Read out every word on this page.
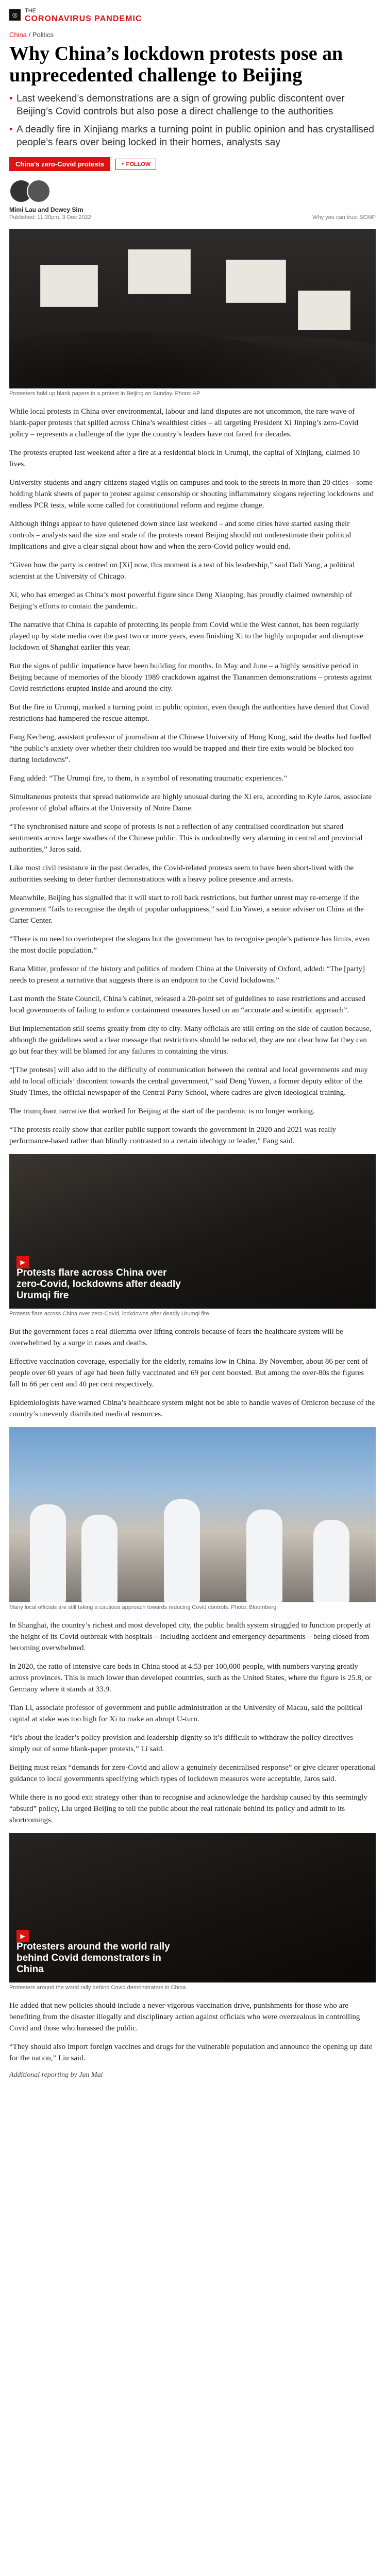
◎
THE
CORONAVIRUS PANDEMIC
China / Politics
Why China’s lockdown protests pose an unprecedented challenge to Beijing
• Last weekend’s demonstrations are a sign of growing public discontent over Beijing’s Covid controls but also pose a direct challenge to the authorities
• A deadly fire in Xinjiang marks a turning point in public opinion and has crystallised people’s fears over being locked in their homes, analysts say
China’s zero-Covid protests	+ FOLLOW
Mimi Lau and Dewey Sim
Published: 11:30pm, 3 Dec 2022	Why you can trust SCMP
Protesters hold up blank papers in a protest in Beijing on Sunday. Photo: AP

While local protests in China over environmental, labour and land disputes are not uncommon, the rare wave of blank-paper protests that spilled across China’s wealthiest cities – all targeting President Xi Jinping’s zero-Covid policy – represents a challenge of the type the country’s leaders have not faced for decades.

The protests erupted last weekend after a fire at a residential block in Urumqi, the capital of Xinjiang, claimed 10 lives.

University students and angry citizens staged vigils on campuses and took to the streets in more than 20 cities – some holding blank sheets of paper to protest against censorship or shouting inflammatory slogans rejecting lockdowns and endless PCR tests, while some called for constitutional reform and regime change.

Although things appear to have quietened down since last weekend – and some cities have started easing their controls – analysts said the size and scale of the protests meant Beijing should not underestimate their political implications and give a clear signal about how and when the zero-Covid policy would end.

“Given how the party is centred on [Xi] now, this moment is a test of his leadership,” said Dali Yang, a political scientist at the University of Chicago.

Xi, who has emerged as China’s most powerful figure since Deng Xiaoping, has proudly claimed ownership of Beijing’s efforts to contain the pandemic.

The narrative that China is capable of protecting its people from Covid while the West cannot, has been regularly played up by state media over the past two or more years, even finishing Xi to the highly unpopular and disruptive lockdown of Shanghai earlier this year.

But the signs of public impatience have been building for months. In May and June – a highly sensitive period in Beijing because of memories of the bloody 1989 crackdown against the Tiananmen demonstrations – protests against Covid restrictions erupted inside and around the city.

But the fire in Urumqi, marked a turning point in public opinion, even though the authorities have denied that Covid restrictions had hampered the rescue attempt.

Fang Kecheng, assistant professor of journalism at the Chinese University of Hong Kong, said the deaths had fuelled “the public’s anxiety over whether their children too would be trapped and their fire exits would be blocked too during lockdowns”.

Fang added: “The Urumqi fire, to them, is a symbol of resonating traumatic experiences.”

Simultaneous protests that spread nationwide are highly unusual during the Xi era, according to Kyle Jaros, associate professor of global affairs at the University of Notre Dame.

“The synchronised nature and scope of protests is not a reflection of any centralised coordination but shared sentiments across large swathes of the Chinese public. This is undoubtedly very alarming in central and provincial authorities,” Jaros said.

Like most civil resistance in the past decades, the Covid-related protests seem to have been short-lived with the authorities seeking to deter further demonstrations with a heavy police presence and arrests.

Meanwhile, Beijing has signalled that it will start to roll back restrictions, but further unrest may re-emerge if the government “fails to recognise the depth of popular unhappiness,” said Liu Yawei, a senior adviser on China at the Carter Center.

“There is no need to overinterpret the slogans but the government has to recognise people’s patience has limits, even the most docile population.”

Rana Mitter, professor of the history and politics of modern China at the University of Oxford, added: “The [party] needs to present a narrative that suggests there is an endpoint to the Covid lockdowns.”

Last month the State Council, China’s cabinet, released a 20-point set of guidelines to ease restrictions and accused local governments of failing to enforce containment measures based on an “accurate and scientific approach”.

But implementation still seems greatly from city to city. Many officials are still erring on the side of caution because, although the guidelines send a clear message that restrictions should be reduced, they are not clear how far they can go but fear they will be blamed for any failures in containing the virus.

“[The protests] will also add to the difficulty of communication between the central and local governments and may add to local officials’ discontent towards the central government,” said Deng Yuwen, a former deputy editor of the Study Times, the official newspaper of the Central Party School, where cadres are given ideological training.

The triumphant narrative that worked for Beijing at the start of the pandemic is no longer working.

“The protests really show that earlier public support towards the government in 2020 and 2021 was really performance-based rather than blindly contrasted to a certain ideology or leader,” Fang said.

▶
Protests flare across China over zero-Covid, lockdowns after deadly Urumqi fire
Protests flare across China over zero-Covid, lockdowns after deadly Urumqi fire

But the government faces a real dilemma over lifting controls because of fears the healthcare system will be overwhelmed by a surge in cases and deaths.

Effective vaccination coverage, especially for the elderly, remains low in China. By November, about 86 per cent of people over 60 years of age had been fully vaccinated and 69 per cent boosted. But among the over-80s the figures fall to 66 per cent and 40 per cent respectively.

Epidemiologists have warned China’s healthcare system might not be able to handle waves of Omicron because of the country’s unevenly distributed medical resources.

Many local officials are still taking a cautious approach towards reducing Covid controls. Photo: Bloomberg

In Shanghai, the country’s richest and most developed city, the public health system struggled to function properly at the height of its Covid outbreak with hospitals – including accident and emergency departments – being closed from becoming overwhelmed.

In 2020, the ratio of intensive care beds in China stood at 4.53 per 100,000 people, with numbers varying greatly across provinces. This is much lower than developed countries, such as the United States, where the figure is 25.8, or Germany where it stands at 33.9.

Tian Li, associate professor of government and public administration at the University of Macau, said the political capital at stake was too high for Xi to make an abrupt U-turn.

“It’s about the leader’s policy provision and leadership dignity so it’s difficult to withdraw the policy directives simply out of some blank-paper protests,” Li said.

Beijing must relax “demands for zero-Covid and allow a genuinely decentralised response” or give clearer operational guidance to local governments specifying which types of lockdown measures were acceptable, Jaros said.

While there is no good exit strategy other than to recognise and acknowledge the hardship caused by this seemingly “absurd” policy, Liu urged Beijing to tell the public about the real rationale behind its policy and admit to its shortcomings.

▶
Protesters around the world rally behind Covid demonstrators in China
Protesters around the world rally behind Covid demonstrators in China

He added that new policies should include a never-vigorous vaccination drive, punishments for those who are benefiting from the disaster illegally and disciplinary action against officials who were overzealous in controlling Covid and those who harassed the public.

“They should also import foreign vaccines and drugs for the vulnerable population and announce the opening up date for the nation,” Liu said.

Additional reporting by Jun Mai
